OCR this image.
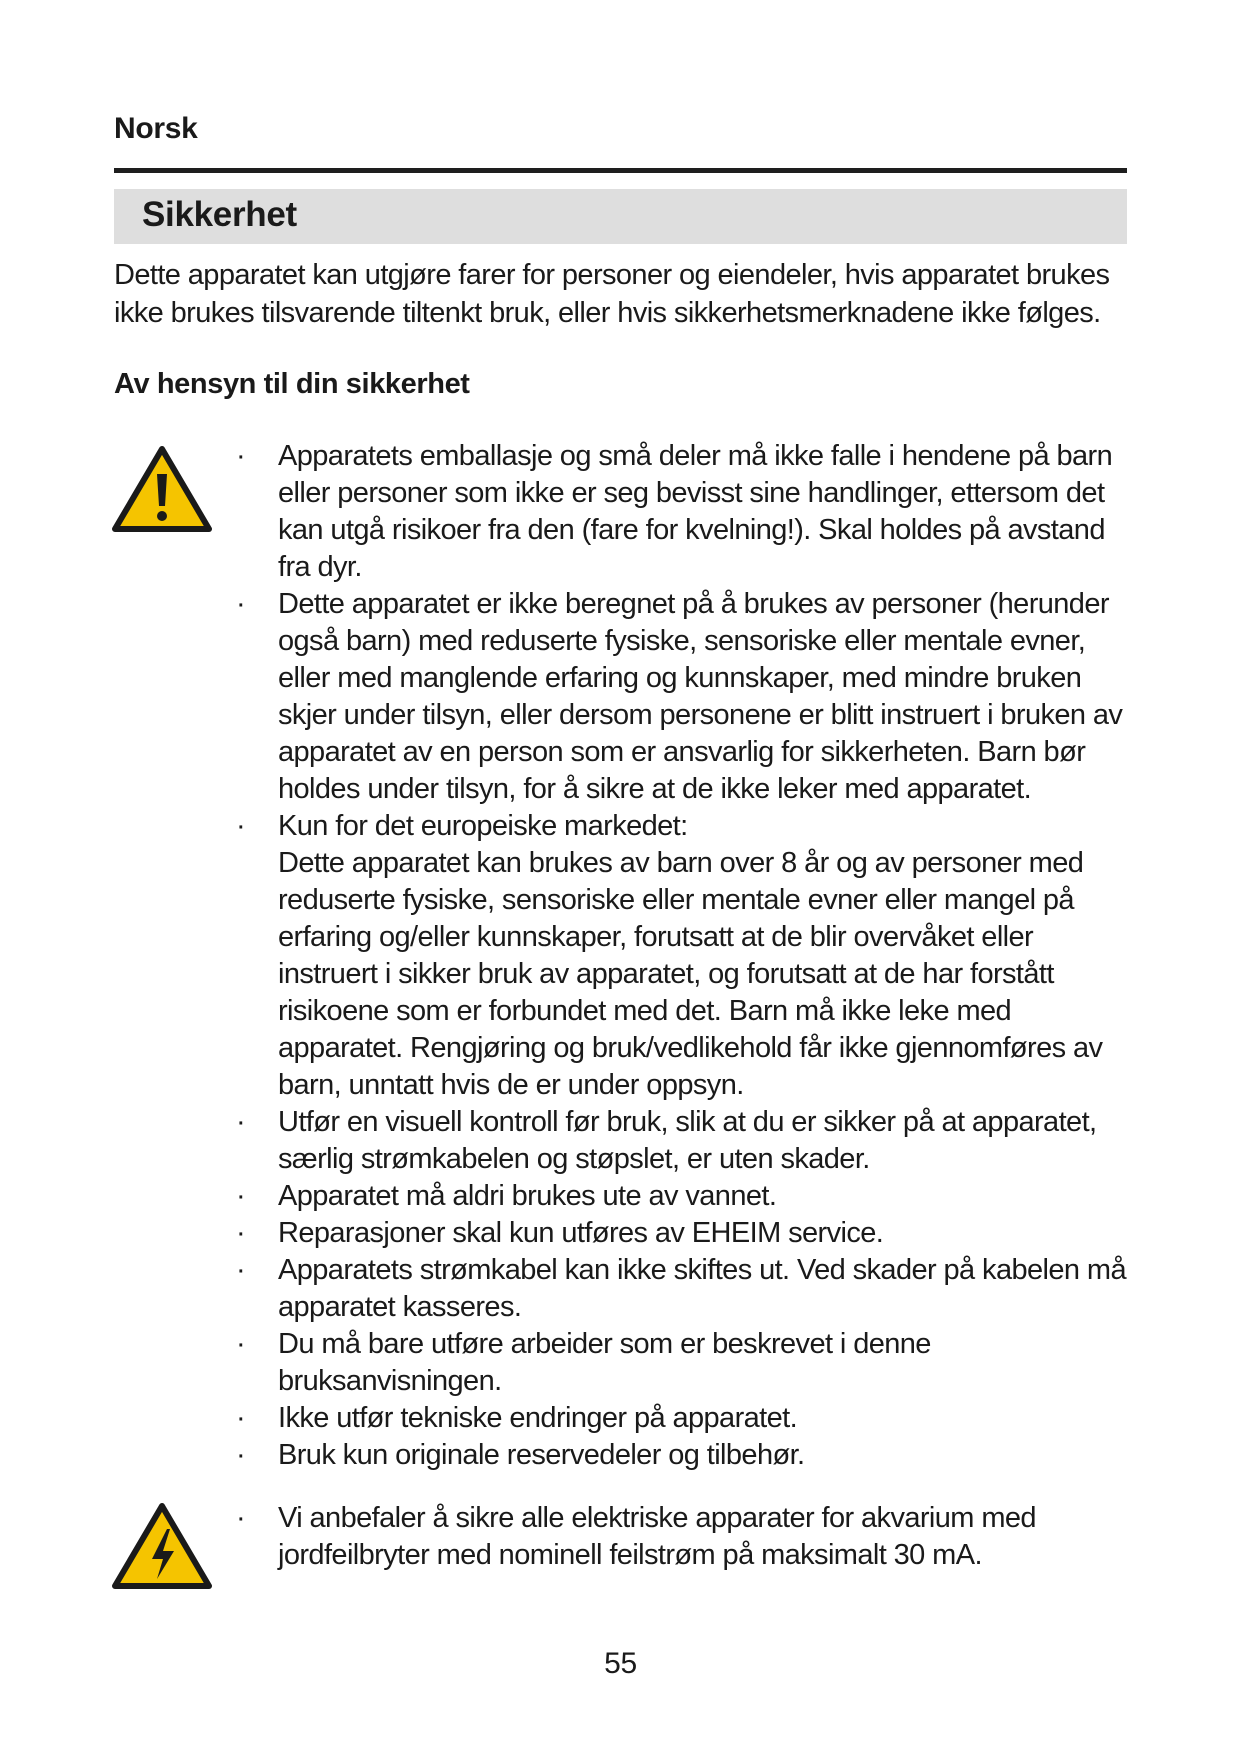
Norsk
Sikkerhet
Dette apparatet kan utgjøre farer for personer og eiendeler, hvis apparatet brukes ikke brukes tilsvarende tiltenkt bruk, eller hvis sikkerhetsmerknadene ikke følges.
Av hensyn til din sikkerhet
· Apparatets emballasje og små deler må ikke falle i hendene på barn eller personer som ikke er seg bevisst sine handlinger, ettersom det kan utgå risikoer fra den (fare for kvelning!). Skal holdes på avstand fra dyr.
· Dette apparatet er ikke beregnet på å brukes av personer (herunder også barn) med reduserte fysiske, sensoriske eller mentale evner, eller med manglende erfaring og kunnskaper, med mindre bruken skjer under tilsyn, eller dersom personene er blitt instruert i bruken av apparatet av en person som er ansvarlig for sikkerheten. Barn bør holdes under tilsyn, for å sikre at de ikke leker med apparatet.
· Kun for det europeiske markedet:
Dette apparatet kan brukes av barn over 8 år og av personer med reduserte fysiske, sensoriske eller mentale evner eller mangel på erfaring og/eller kunnskaper, forutsatt at de blir overvåket eller instruert i sikker bruk av apparatet, og forutsatt at de har forstått risikoene som er forbundet med det. Barn må ikke leke med apparatet. Rengjøring og bruk/vedlikehold får ikke gjennomføres av barn, unntatt hvis de er under oppsyn.
· Utfør en visuell kontroll før bruk, slik at du er sikker på at apparatet, særlig strømkabelen og støpslet, er uten skader.
· Apparatet må aldri brukes ute av vannet.
· Reparasjoner skal kun utføres av EHEIM service.
· Apparatets strømkabel kan ikke skiftes ut. Ved skader på kabelen må apparatet kasseres.
· Du må bare utføre arbeider som er beskrevet i denne bruksanvisningen.
· Ikke utfør tekniske endringer på apparatet.
· Bruk kun originale reservedeler og tilbehør.
· Vi anbefaler å sikre alle elektriske apparater for akvarium med jordfeilbryter med nominell feilstrøm på maksimalt 30 mA.
55
